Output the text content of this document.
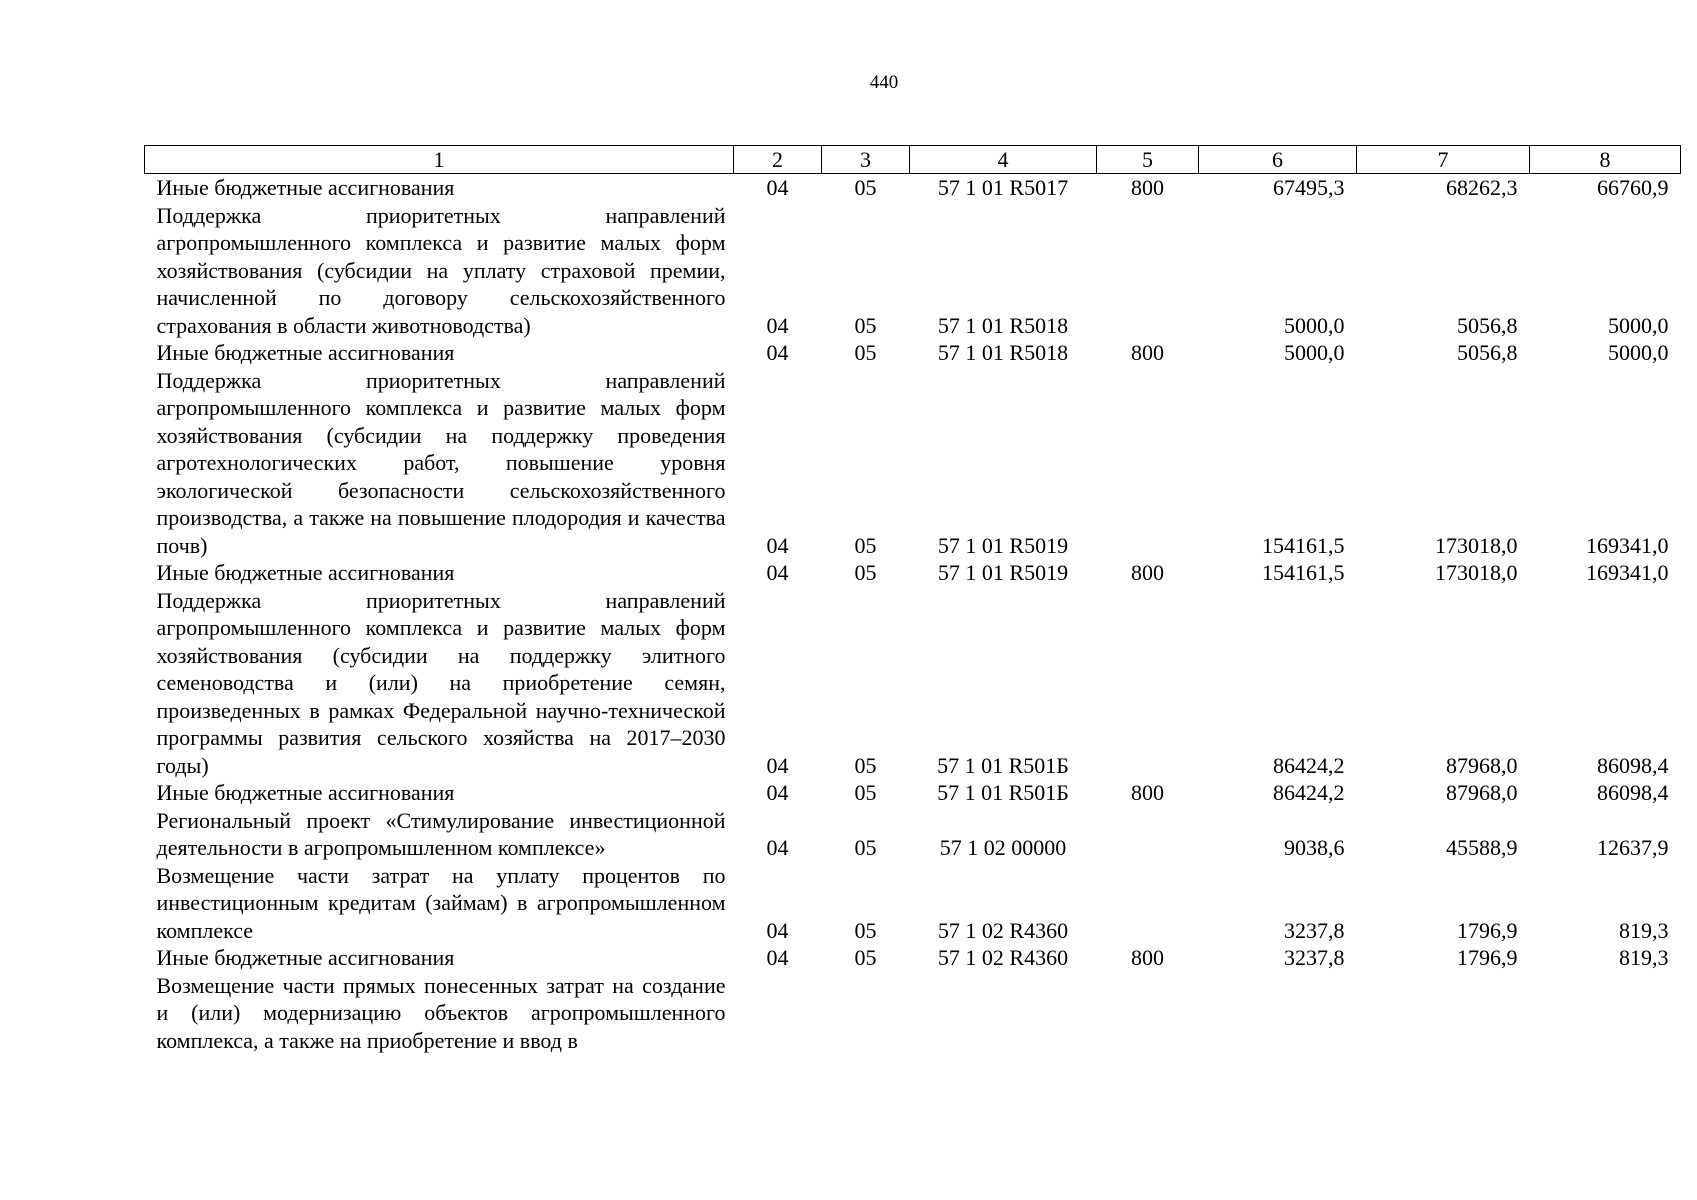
440
1	2	3	4	5	6	7	8
Иные бюджетные ассигнования	04	05	57 1 01 R5017	800	67495,3	68262,3	66760,9
Поддержка приоритетных направлений агропромышленного комплекса и развитие малых форм хозяйствования (субсидии на уплату страховой премии, начисленной по договору сельскохозяйственного страхования в области животноводства)	04	05	57 1 01 R5018		5000,0	5056,8	5000,0
Иные бюджетные ассигнования	04	05	57 1 01 R5018	800	5000,0	5056,8	5000,0
Поддержка приоритетных направлений агропромышленного комплекса и развитие малых форм хозяйствования (субсидии на поддержку проведения агротехнологических работ, повышение уровня экологической безопасности сельскохозяйственного производства, а также на повышение плодородия и качества почв)	04	05	57 1 01 R5019		154161,5	173018,0	169341,0
Иные бюджетные ассигнования	04	05	57 1 01 R5019	800	154161,5	173018,0	169341,0
Поддержка приоритетных направлений агропромышленного комплекса и развитие малых форм хозяйствования (субсидии на поддержку элитного семеноводства и (или) на приобретение семян, произведенных в рамках Федеральной научно-технической программы развития сельского хозяйства на 2017–2030 годы)	04	05	57 1 01 R501Б		86424,2	87968,0	86098,4
Иные бюджетные ассигнования	04	05	57 1 01 R501Б	800	86424,2	87968,0	86098,4
Региональный проект «Стимулирование инвестиционной деятельности в агропромышленном комплексе»	04	05	57 1 02 00000		9038,6	45588,9	12637,9
Возмещение части затрат на уплату процентов по инвестиционным кредитам (займам) в агропромышленном комплексе	04	05	57 1 02 R4360		3237,8	1796,9	819,3
Иные бюджетные ассигнования	04	05	57 1 02 R4360	800	3237,8	1796,9	819,3
Возмещение части прямых понесенных затрат на создание и (или) модернизацию объектов агропромышленного комплекса, а также на приобретение и ввод в							
